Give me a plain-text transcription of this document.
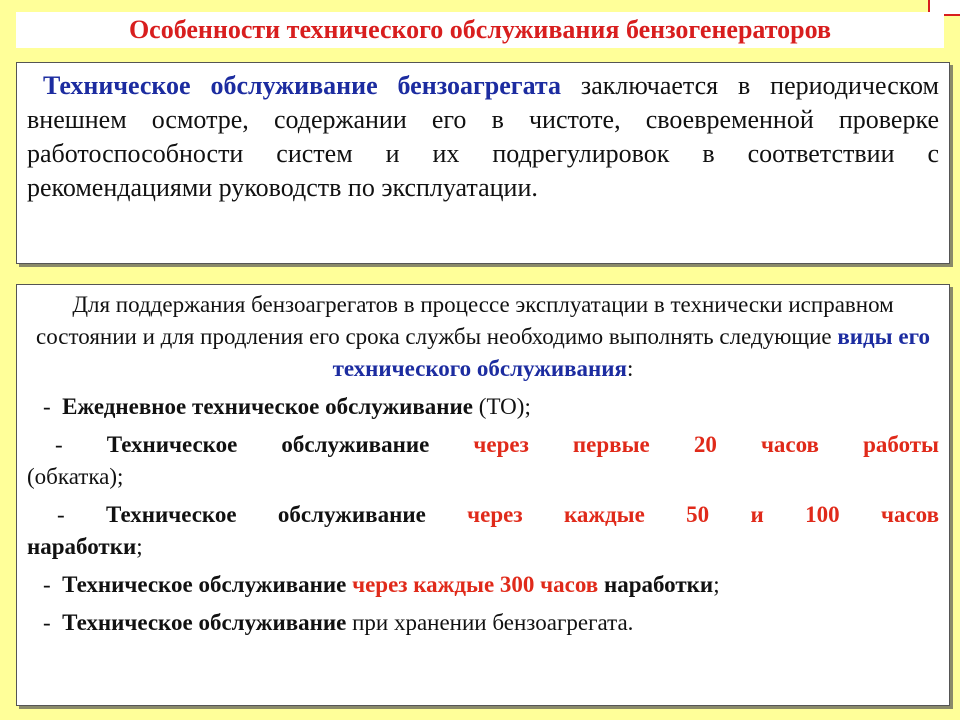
Особенности технического обслуживания бензогенераторов

Техническое обслуживание бензоагрегата заключается в периодическом внешнем осмотре, содержании его в чистоте, своевременной проверке работоспособности систем и их подрегулировок в соответствии с рекомендациями руководств по эксплуатации.

Для поддержания бензоагрегатов в процессе эксплуатации в технически исправном состоянии и для продления его срока службы необходимо выполнять следующие виды его технического обслуживания:

- Ежедневное техническое обслуживание (ТО);

- Техническое обслуживание через первые 20 часов работы
(обкатка);

- Техническое обслуживание через каждые 50 и 100 часов
наработки;

- Техническое обслуживание через каждые 300 часов наработки;

- Техническое обслуживание при хранении бензоагрегата.
